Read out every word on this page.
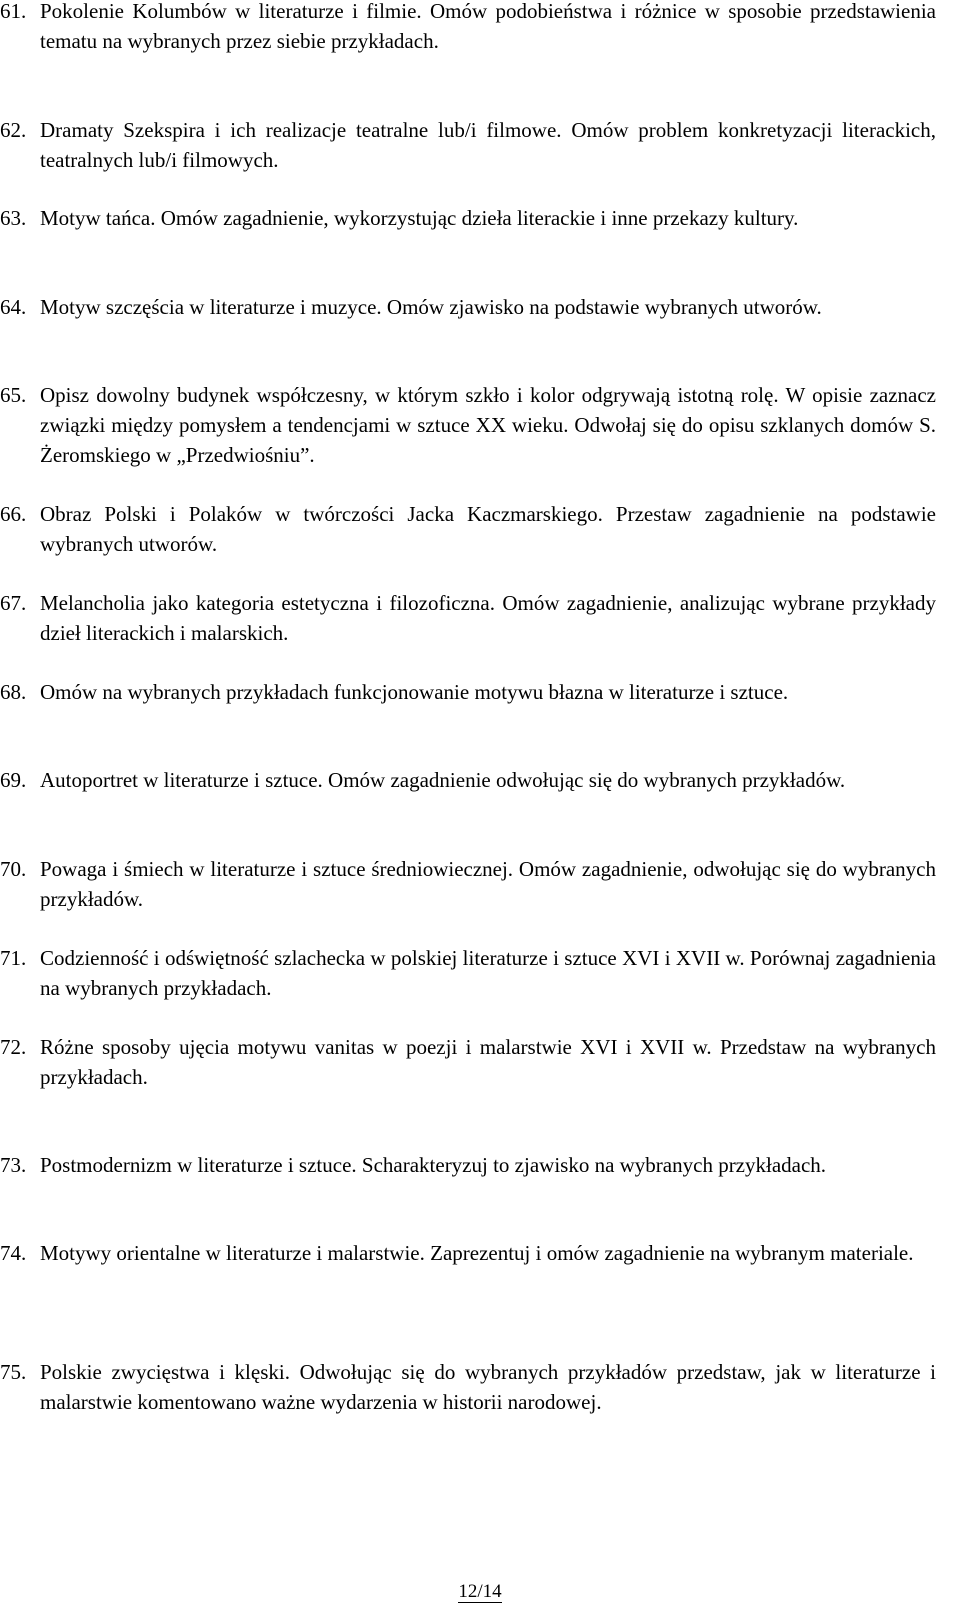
61. Pokolenie Kolumbów w literaturze i filmie. Omów podobieństwa i różnice w sposobie przedstawienia tematu na wybranych przez siebie przykładach.
62. Dramaty Szekspira i ich realizacje teatralne lub/i filmowe. Omów problem konkretyzacji literackich, teatralnych lub/i filmowych.
63. Motyw tańca. Omów zagadnienie, wykorzystując dzieła literackie i inne przekazy kultury.
64. Motyw szczęścia w literaturze i muzyce. Omów zjawisko na podstawie wybranych utworów.
65. Opisz dowolny budynek współczesny, w którym szkło i kolor odgrywają istotną rolę. W opisie zaznacz związki między pomysłem a tendencjami w sztuce XX wieku. Odwołaj się do opisu szklanych domów S. Żeromskiego w „Przedwiośniu”.
66. Obraz Polski i Polaków w twórczości Jacka Kaczmarskiego. Przestaw zagadnienie na podstawie wybranych utworów.
67. Melancholia jako kategoria estetyczna i filozoficzna. Omów zagadnienie, analizując wybrane przykłady dzieł literackich i malarskich.
68. Omów na wybranych przykładach funkcjonowanie motywu błazna w literaturze i sztuce.
69. Autoportret w literaturze i sztuce. Omów zagadnienie odwołując się do wybranych przykładów.
70. Powaga i śmiech w literaturze i sztuce średniowiecznej. Omów zagadnienie, odwołując się do wybranych przykładów.
71. Codzienność i odświętność szlachecka w polskiej literaturze i sztuce XVI i XVII w. Porównaj zagadnienia na wybranych przykładach.
72. Różne sposoby ujęcia motywu vanitas w poezji i malarstwie XVI i XVII w. Przedstaw na wybranych przykładach.
73. Postmodernizm w literaturze i sztuce. Scharakteryzuj to zjawisko na wybranych przykładach.
74. Motywy orientalne w literaturze i malarstwie. Zaprezentuj i omów zagadnienie na wybranym materiale.
75. Polskie zwycięstwa i klęski. Odwołując się do wybranych przykładów przedstaw, jak w literaturze i malarstwie komentowano ważne wydarzenia w historii narodowej.
12/14
